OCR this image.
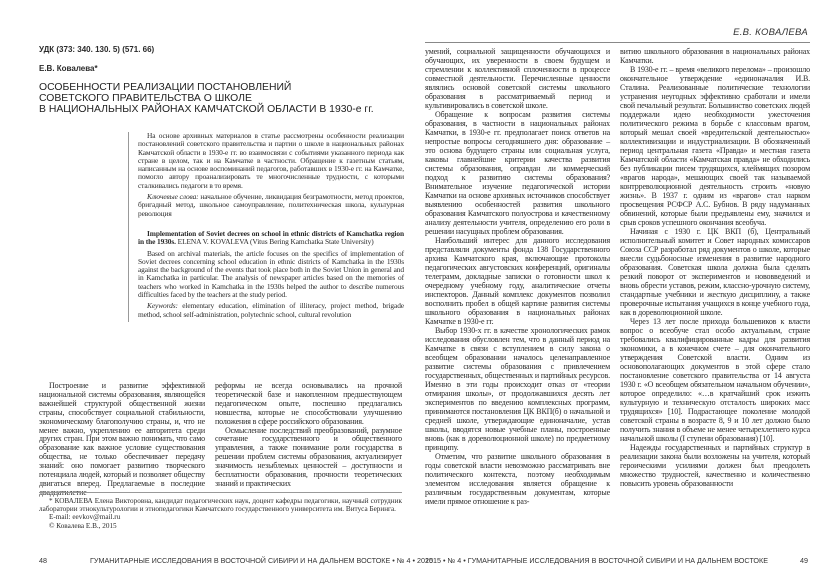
УДК (373: 340. 130. 5) (571. 66)
Е.В. Ковалева*
ОСОБЕННОСТИ РЕАЛИЗАЦИИ ПОСТАНОВЛЕНИЙ
СОВЕТСКОГО ПРАВИТЕЛЬСТВА О ШКОЛЕ
В НАЦИОНАЛЬНЫХ РАЙОНАХ КАМЧАТСКОЙ ОБЛАСТИ В 1930-е гг.

На основе архивных материалов в статье рассмотрены особенности реализации постановлений советского правительства и партии о школе в национальных районах Камчатской области в 1930-е гг. во взаимосвязи с событиями указанного периода как стране в целом, так и на Камчатке в частности. Обращение к газетным статьям, написанным на основе воспоминаний педагогов, работавших в 1930-е гг. на Камчатке, помогло автору проанализировать те многочисленные трудности, с которыми сталкивались педагоги в то время.

Ключевые слова: начальное обучение, ликвидация безграмотности, метод проектов, бригадный метод, школьное самоуправление, политехническая школа, культурная революция

Implementation of Soviet decrees on school in ethnic districts of Kamchatka region in the 1930s. ELENA V. KOVALEVA (Vitus Bering Kamchatka State University)

Based on archival materials, the article focuses on the specifics of implementation of Soviet decrees concerning school education in ethnic districts of Kamchatka in the 1930s against the background of the events that took place both in the Soviet Union in general and in Kamchatka in particular. The analysis of newspaper articles based on the memories of teachers who worked in Kamchatka in the 1930s helped the author to describe numerous difficulties faced by the teachers at the study period.

Keywords: elementary education, elimination of illiteracy, project method, brigade method, school self-administration, polytechnic school, cultural revolution

Построение и развитие эффективной национальной системы образования, являющейся важнейшей структурой общественной жизни страны, способствует социальной стабильности, экономическому благополучию страны, и, что не менее важно, укреплению ее авторитета среди других стран. При этом важно понимать, что само образование как важное условие существования общества, не только обеспечивает передачу знаний: оно помогает развитию творческого потенциала людей, который и позволяет обществу двигаться вперед. Предлагаемые в последние двадцатилетие

реформы не всегда основывались на прочной теоретической базе и накопленном предшествующем педагогическом опыте, поспешно предлагались новшества, которые не способствовали улучшению положения в сфере российского образования.

Осмысление последствий преобразований, разумное сочетание государственного и общественного управления, а также понимание роли государства в решении проблем системы образования, актуализирует значимость незыблемых ценностей – доступности и бесплатности образования, прочности теоретических знаний и практических

* КОВАЛЕВА Елена Викторовна, кандидат педагогических наук, доцент кафедры педагогики, научный сотрудник лаборатории этнокультурологии и этнопедагогики Камчатского государственного университета им. Витуса Беринга.

E-mail: eevkov@mail.ru

© Ковалева Е.В., 2015

48	ГУМАНИТАРНЫЕ ИССЛЕДОВАНИЯ В ВОСТОЧНОЙ СИБИРИ И НА ДАЛЬНЕМ ВОСТОКЕ • № 4 • 2015
Е.В. КОВАЛЕВА

умений, социальной защищенности обучающихся и обучающих, их уверенности в своем будущем и стремлении к коллективной сплоченности в процессе совместной деятельности. Перечисленные ценности являлись основой советской системы школьного образования в рассматриваемый период и культивировались в советской школе.

Обращение к вопросам развития системы образования, в частности в национальных районах Камчатки, в 1930-е гг. предполагает поиск ответов на непростые вопросы сегодняшнего дня: образование – это основа будущего страны или социальная услуга, каковы главнейшие критерии качества развития системы образования, оправдан ли коммерческий подход к развитию системы образования? Внимательное изучение педагогической истории Камчатки на основе архивных источников способствует выявлению особенностей развития школьного образования Камчатского полуострова и качественному анализу деятельности учителя, определению его роли в решении насущных проблем образования.

Наибольший интерес для данного исследования представляли документы фонда 138 Государственного архива Камчатского края, включающие протоколы педагогических августовских конференций, оригиналы телеграмм, докладные записки о готовности школ к очередному учебному году, аналитические отчеты инспекторов. Данный комплекс документов позволил восполнить пробел в общей картине развития системы школьного образования в национальных районах Камчатке в 1930-е гг.

Выбор 1930-х гг. в качестве хронологических рамок исследования обусловлен тем, что в данный период на Камчатке в связи с вступлением в силу закона о всеобщем образовании началось целенаправленное развитие системы образования с привлечением государственных, общественных и партийных ресурсов. Именно в эти годы происходит отказ от «теории отмирания школы», от продолжавшихся десять лет экспериментов по введению комплексных программ, принимаются постановления ЦК ВКП(б) о начальной и средней школе, утверждающие единоначалие, устав школы, вводятся новые учебные планы, построенные вновь (как в дореволюционной школе) по предметному принципу.

Отметим, что развитие школьного образования в годы советской власти невозможно рассматривать вне политического контекста, поэтому необходимым элементом исследования является обращение к различным государственным документам, которые имели прямое отношение к раз-

витию школьного образования в национальных районах Камчатки.

В 1930-е гг. – время «великого перелома» – произошло окончательное утверждение «единоначалия И.В. Сталина. Реализованные политические технологии устранения неугодных эффективно сработали и имели свой печальный результат. Большинство советских людей поддержали идею необходимости ужесточения политического режима в борьбе с классовым врагом, который мешал своей «вредительской деятельностью» коллективизации и индустриализации. В обозначенный период центральная газета «Правда» и местная газета Камчатской области «Камчатская правда» не обходились без публикации писем трудящихся, клеймящих позором «врагов народа», мешающих своей так называемой контрреволюционной деятельность строить «новую жизнь». В 1937 г. одним из «врагов» стал нарком просвещения РСФСР А.С. Бубнов. В ряду надуманных обвинений, которые были предъявлены ему, значился и срыв сроков успешного окончания всеобуча.

Начиная с 1930 г. ЦК ВКП (б), Центральный исполнительный комитет и Совет народных комиссаров Союза ССР разработал ряд документов о школе, которые внесли судьбоносные изменения в развитие народного образования. Советская школа должна была сделать резкий поворот от экспериментов и нововведений и вновь обрести уставов, режим, классно-урочную систему, стандартные учебники и жесткую дисциплину, а также проверочные испытания учащихся в конце учебного года, как в дореволюционной школе.

Через 13 лет после прихода большевиков к власти вопрос о всеобуче стал особо актуальным, стране требовались квалифицированные кадры для развития экономики, а в конечном счете – для окончательного утверждения Советской власти. Одним из основополагающих документов в этой сфере стало постановление советского правительства от 14 августа 1930 г. «О всеобщем обязательном начальном обучении», которое определило: «…в кратчайший срок изжить культурную и техническую отсталость широких масс трудящихся» [10]. Подрастающее поколение молодой советской страны в возрасте 8, 9 и 10 лет должно было получить знания в объеме не менее четырехлетнего курса начальной школы (I ступени образования) [10].

Надежды государственных и партийных структур в реализации закона были возложены на учителя, который героическими усилиями должен был преодолеть множество трудностей, качественно и количественно повысить уровень образованности

2015 • № 4 • ГУМАНИТАРНЫЕ ИССЛЕДОВАНИЯ В ВОСТОЧНОЙ СИБИРИ И НА ДАЛЬНЕМ ВОСТОКЕ	49
